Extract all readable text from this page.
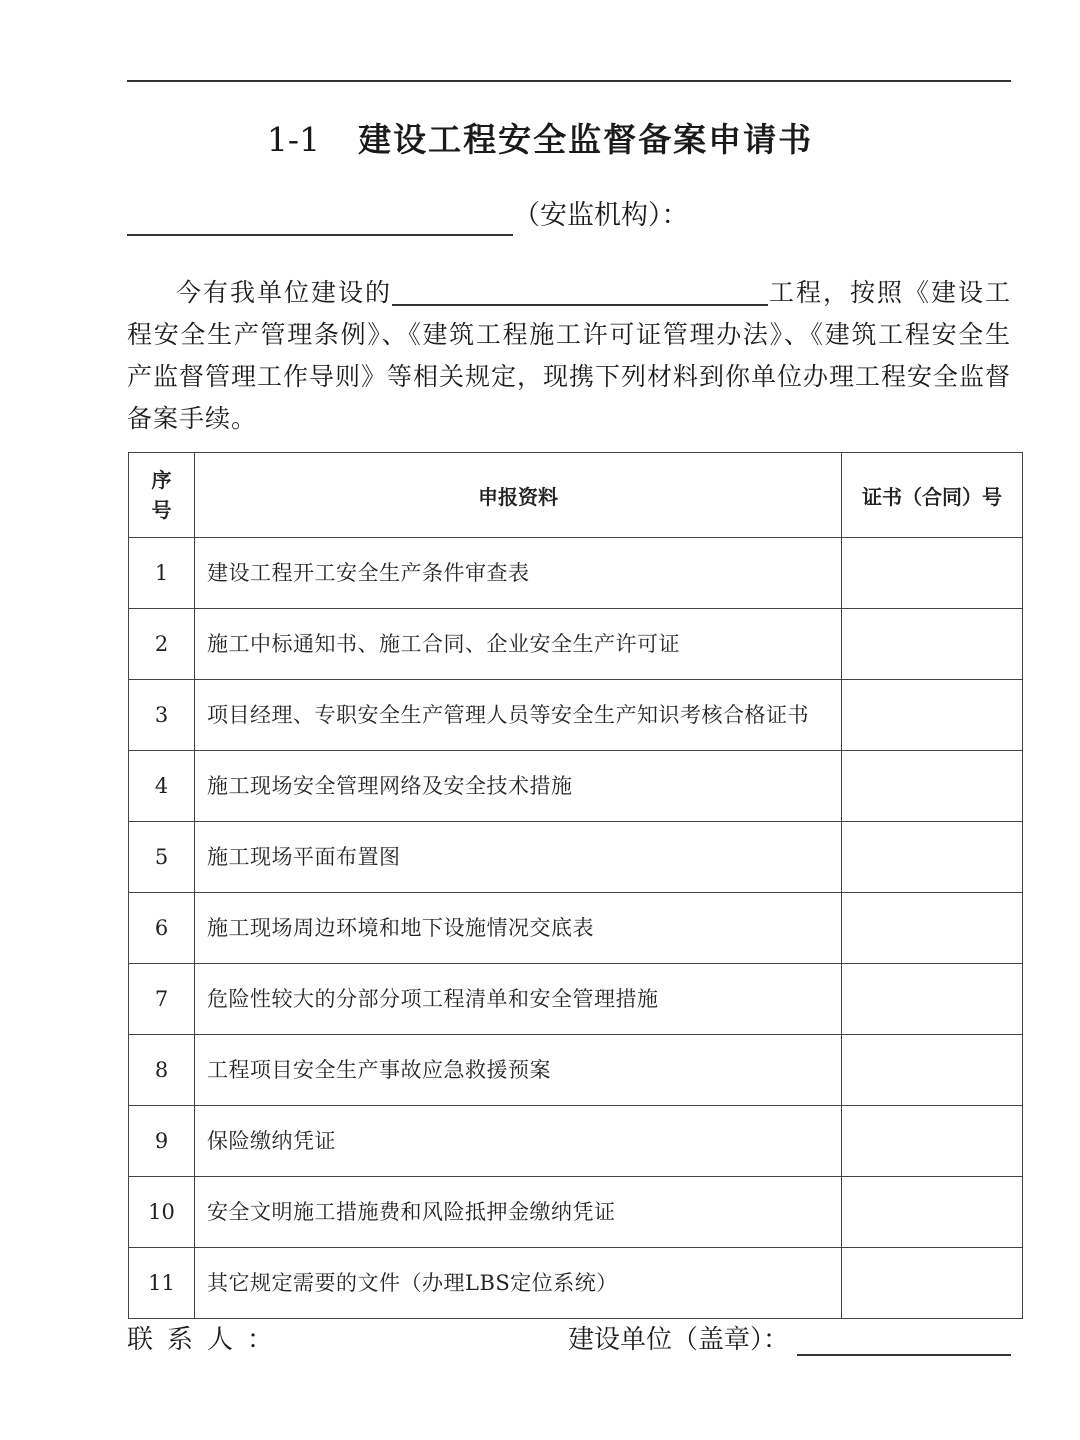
1-1 建设工程安全监督备案申请书
（安监机构）：
今有我单位建设的	工程，按照《建设工程安全生产管理条例》、《建筑工程施工许可证管理办法》、《建筑工程安全生产监督管理工作导则》等相关规定，现携下列材料到你单位办理工程安全监督备案手续。
序号	申报资料	证书（合同）号
1	建设工程开工安全生产条件审查表	
2	施工中标通知书、施工合同、企业安全生产许可证	
3	项目经理、专职安全生产管理人员等安全生产知识考核合格证书	
4	施工现场安全管理网络及安全技术措施	
5	施工现场平面布置图	
6	施工现场周边环境和地下设施情况交底表	
7	危险性较大的分部分项工程清单和安全管理措施	
8	工程项目安全生产事故应急救援预案	
9	保险缴纳凭证	
10	安全文明施工措施费和风险抵押金缴纳凭证	
11	其它规定需要的文件（办理LBS定位系统）	
联系人：	建设单位（盖章）：
